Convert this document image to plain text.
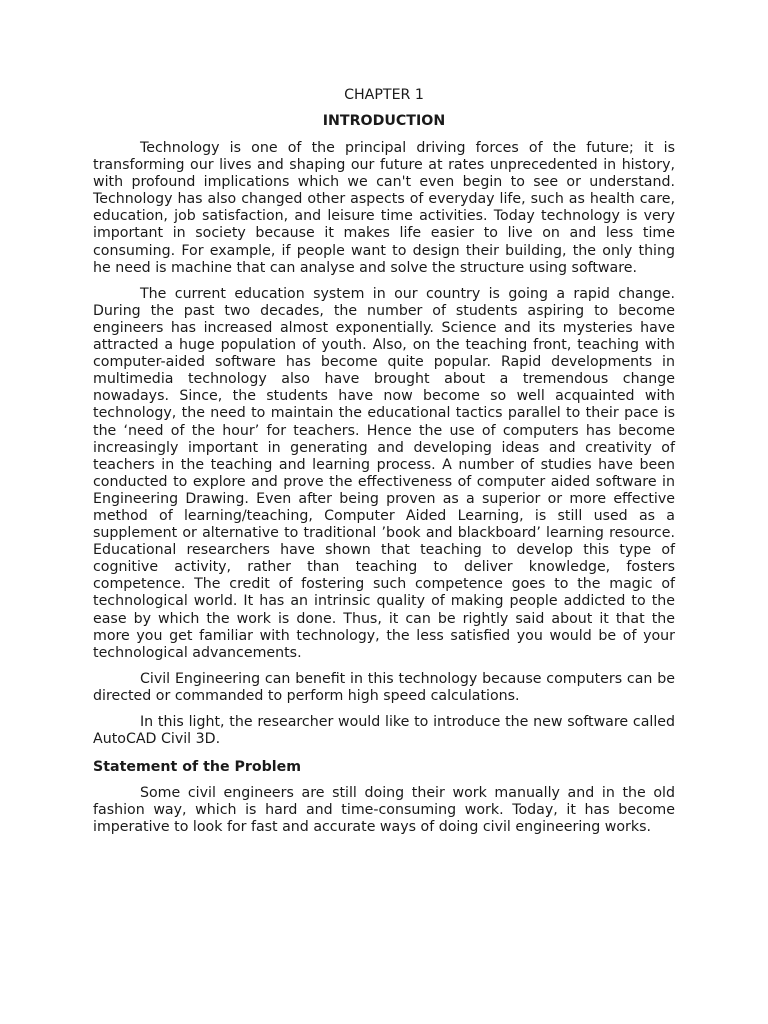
CHAPTER 1
INTRODUCTION

Technology is one of the principal driving forces of the future; it is transforming our lives and shaping our future at rates unprecedented in history, with profound implications which we can't even begin to see or understand. Technology has also changed other aspects of everyday life, such as health care, education, job satisfaction, and leisure time activities. Today technology is very important in society because it makes life easier to live on and less time consuming. For example, if people want to design their building, the only thing he need is machine that can analyse and solve the structure using software.

The current education system in our country is going a rapid change. During the past two decades, the number of students aspiring to become engineers has increased almost exponentially. Science and its mysteries have attracted a huge population of youth. Also, on the teaching front, teaching with computer-aided software has become quite popular. Rapid developments in multimedia technology also have brought about a tremendous change nowadays. Since, the students have now become so well acquainted with technology, the need to maintain the educational tactics parallel to their pace is the ‘need of the hour’ for teachers. Hence the use of computers has become increasingly important in generating and developing ideas and creativity of teachers in the teaching and learning process. A number of studies have been conducted to explore and prove the effectiveness of computer aided software in Engineering Drawing. Even after being proven as a superior or more effective method of learning/teaching, Computer Aided Learning, is still used as a supplement or alternative to traditional ’book and blackboard’ learning resource. Educational researchers have shown that teaching to develop this type of cognitive activity, rather than teaching to deliver knowledge, fosters competence. The credit of fostering such competence goes to the magic of technological world. It has an intrinsic quality of making people addicted to the ease by which the work is done. Thus, it can be rightly said about it that the more you get familiar with technology, the less satisfied you would be of your technological advancements.

Civil Engineering can benefit in this technology because computers can be directed or commanded to perform high speed calculations.

In this light, the researcher would like to introduce the new software called AutoCAD Civil 3D.

Statement of the Problem

Some civil engineers are still doing their work manually and in the old fashion way, which is hard and time-consuming work. Today, it has become imperative to look for fast and accurate ways of doing civil engineering works.
